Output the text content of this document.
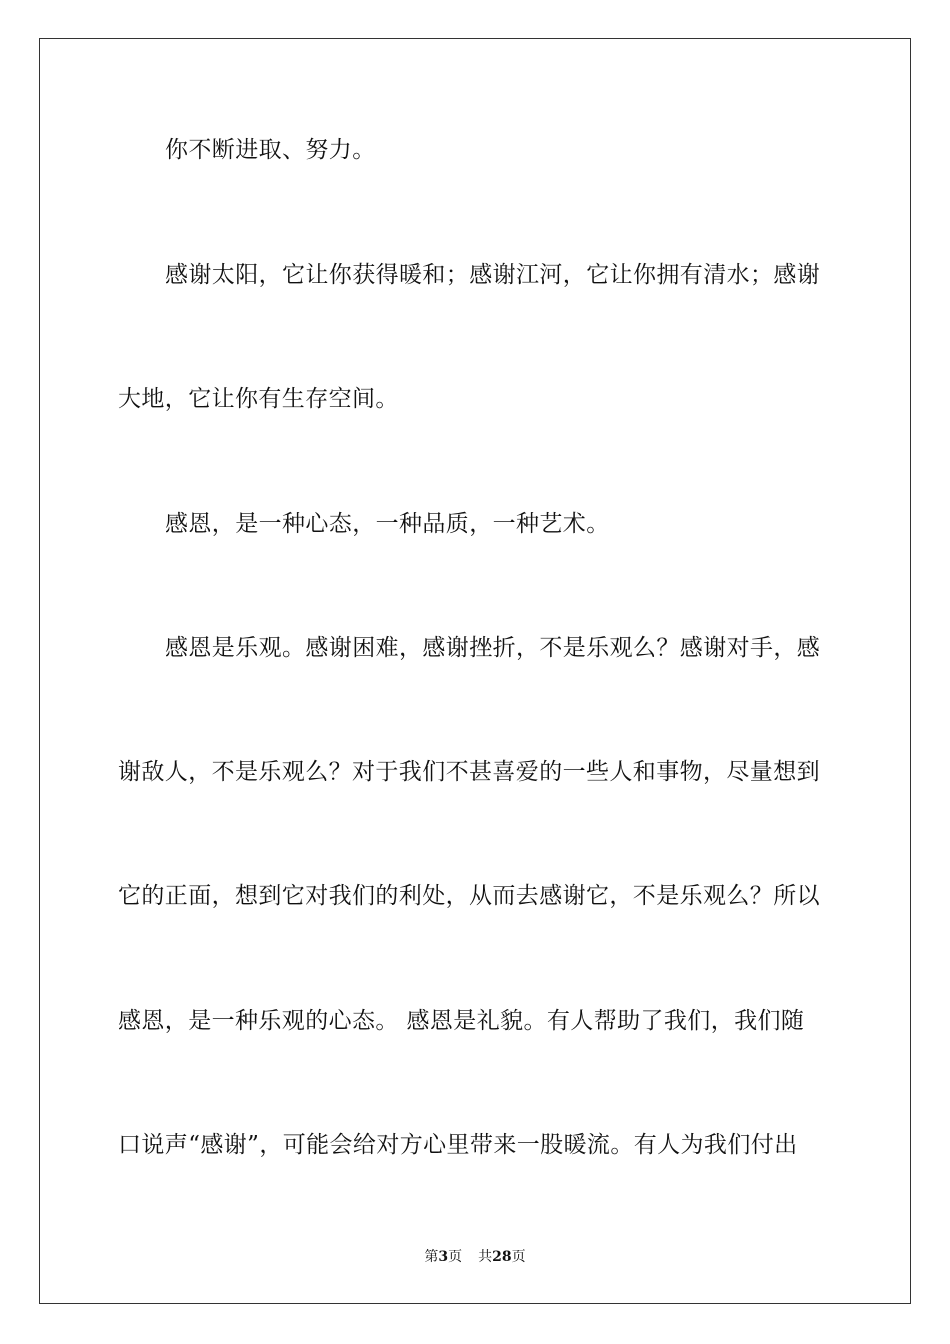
你不断进取、努力。
感谢太阳，它让你获得暖和；感谢江河，它让你拥有清水；感谢
大地，它让你有生存空间。
感恩，是一种心态，一种品质，一种艺术。
感恩是乐观。感谢困难，感谢挫折，不是乐观么？感谢对手，感
谢敌人，不是乐观么？对于我们不甚喜爱的一些人和事物，尽量想到
它的正面，想到它对我们的利处，从而去感谢它，不是乐观么？所以
感恩，是一种乐观的心态。 感恩是礼貌。有人帮助了我们，我们随
口说声“感谢”，可能会给对方心里带来一股暖流。有人为我们付出
第3页 共28页
